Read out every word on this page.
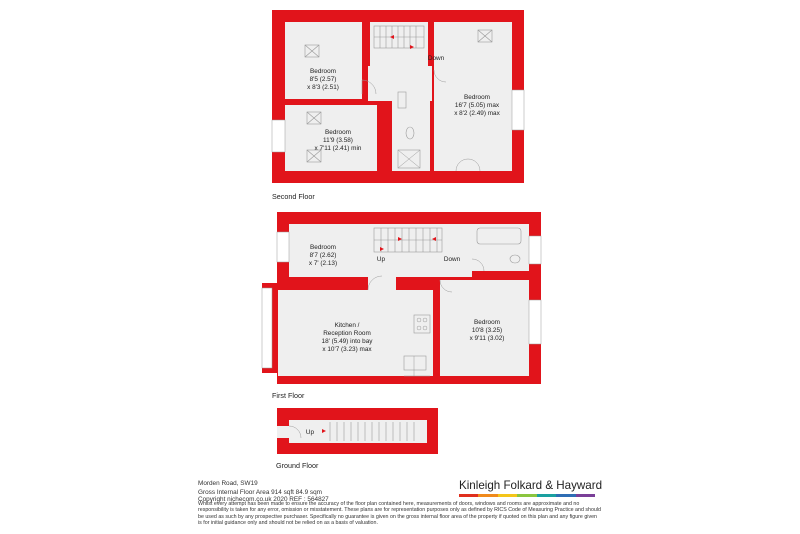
Bedroom
8'5 (2.57)
x 8'3 (2.51)
Bedroom
11'9 (3.58)
x 7'11 (2.41) min
Bedroom
16'7 (5.05) max
x 8'2 (2.49) max
Down
Second Floor
Bedroom
8'7 (2.62)
x 7' (2.13)
Kitchen /
Reception Room
18' (5.49) into bay
x 10'7 (3.23) max
Bedroom
10'8 (3.25)
x 9'11 (3.02)
Up	Down
First Floor
Up
Ground Floor
Morden Road, SW19
Gross Internal Floor Area 914 sqft 84.9 sqm
Copyright nichecom.co.uk 2020 REF : 564827
Kinleigh Folkard & Hayward
Whilst every attempt has been made to ensure the accuracy of the floor plan contained here, measurements of doors, windows and rooms are approximate and no responsibility is taken for any error, omission or misstatement. These plans are for representation purposes only as defined by RICS Code of Measuring Practice and should be used as such by any prospective purchaser. Specifically no guarantee is given on the gross internal floor area of the property if quoted on this plan and any figure given is for initial guidance only and should not be relied on as a basis of valuation.
